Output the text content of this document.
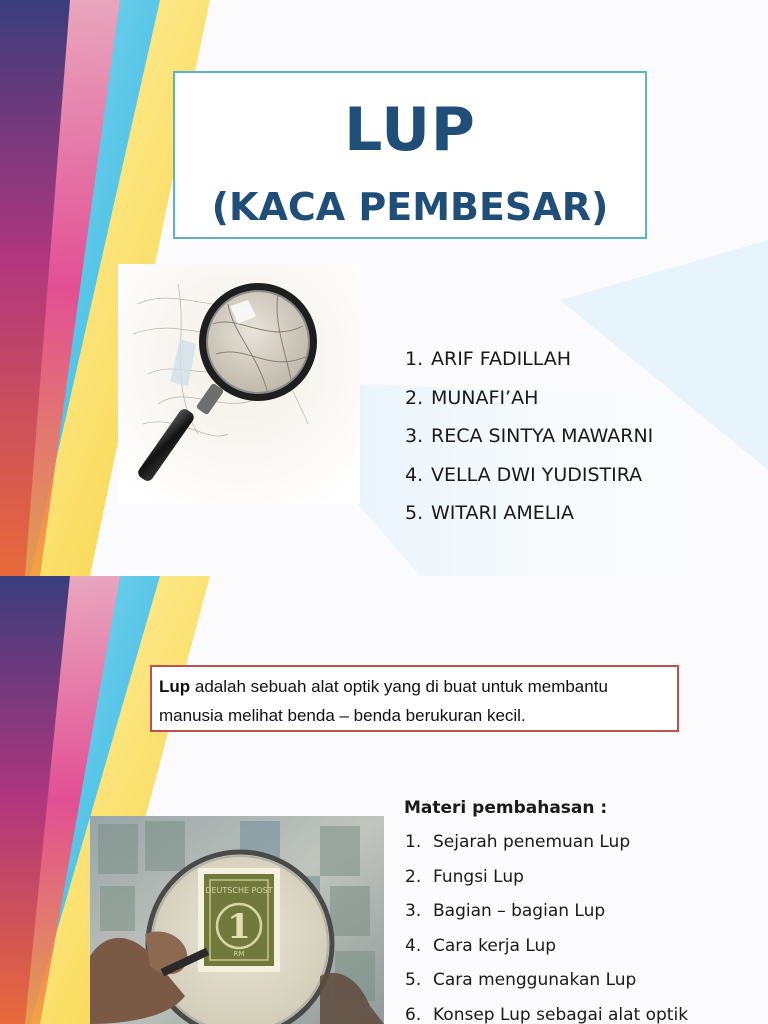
LUP
(KACA PEMBESAR)
1. ARIF FADILLAH
2. MUNAFI’AH
3. RECA SINTYA MAWARNI
4. VELLA DWI YUDISTIRA
5. WITARI AMELIA
Lup adalah sebuah alat optik yang di buat untuk membantu manusia melihat benda – benda berukuran kecil.
Materi pembahasan :
DEUTSCHE POST
1
RM
1. Sejarah penemuan Lup
2. Fungsi Lup
3. Bagian – bagian Lup
4. Cara kerja Lup
5. Cara menggunakan Lup
6. Konsep Lup sebagai alat optik
